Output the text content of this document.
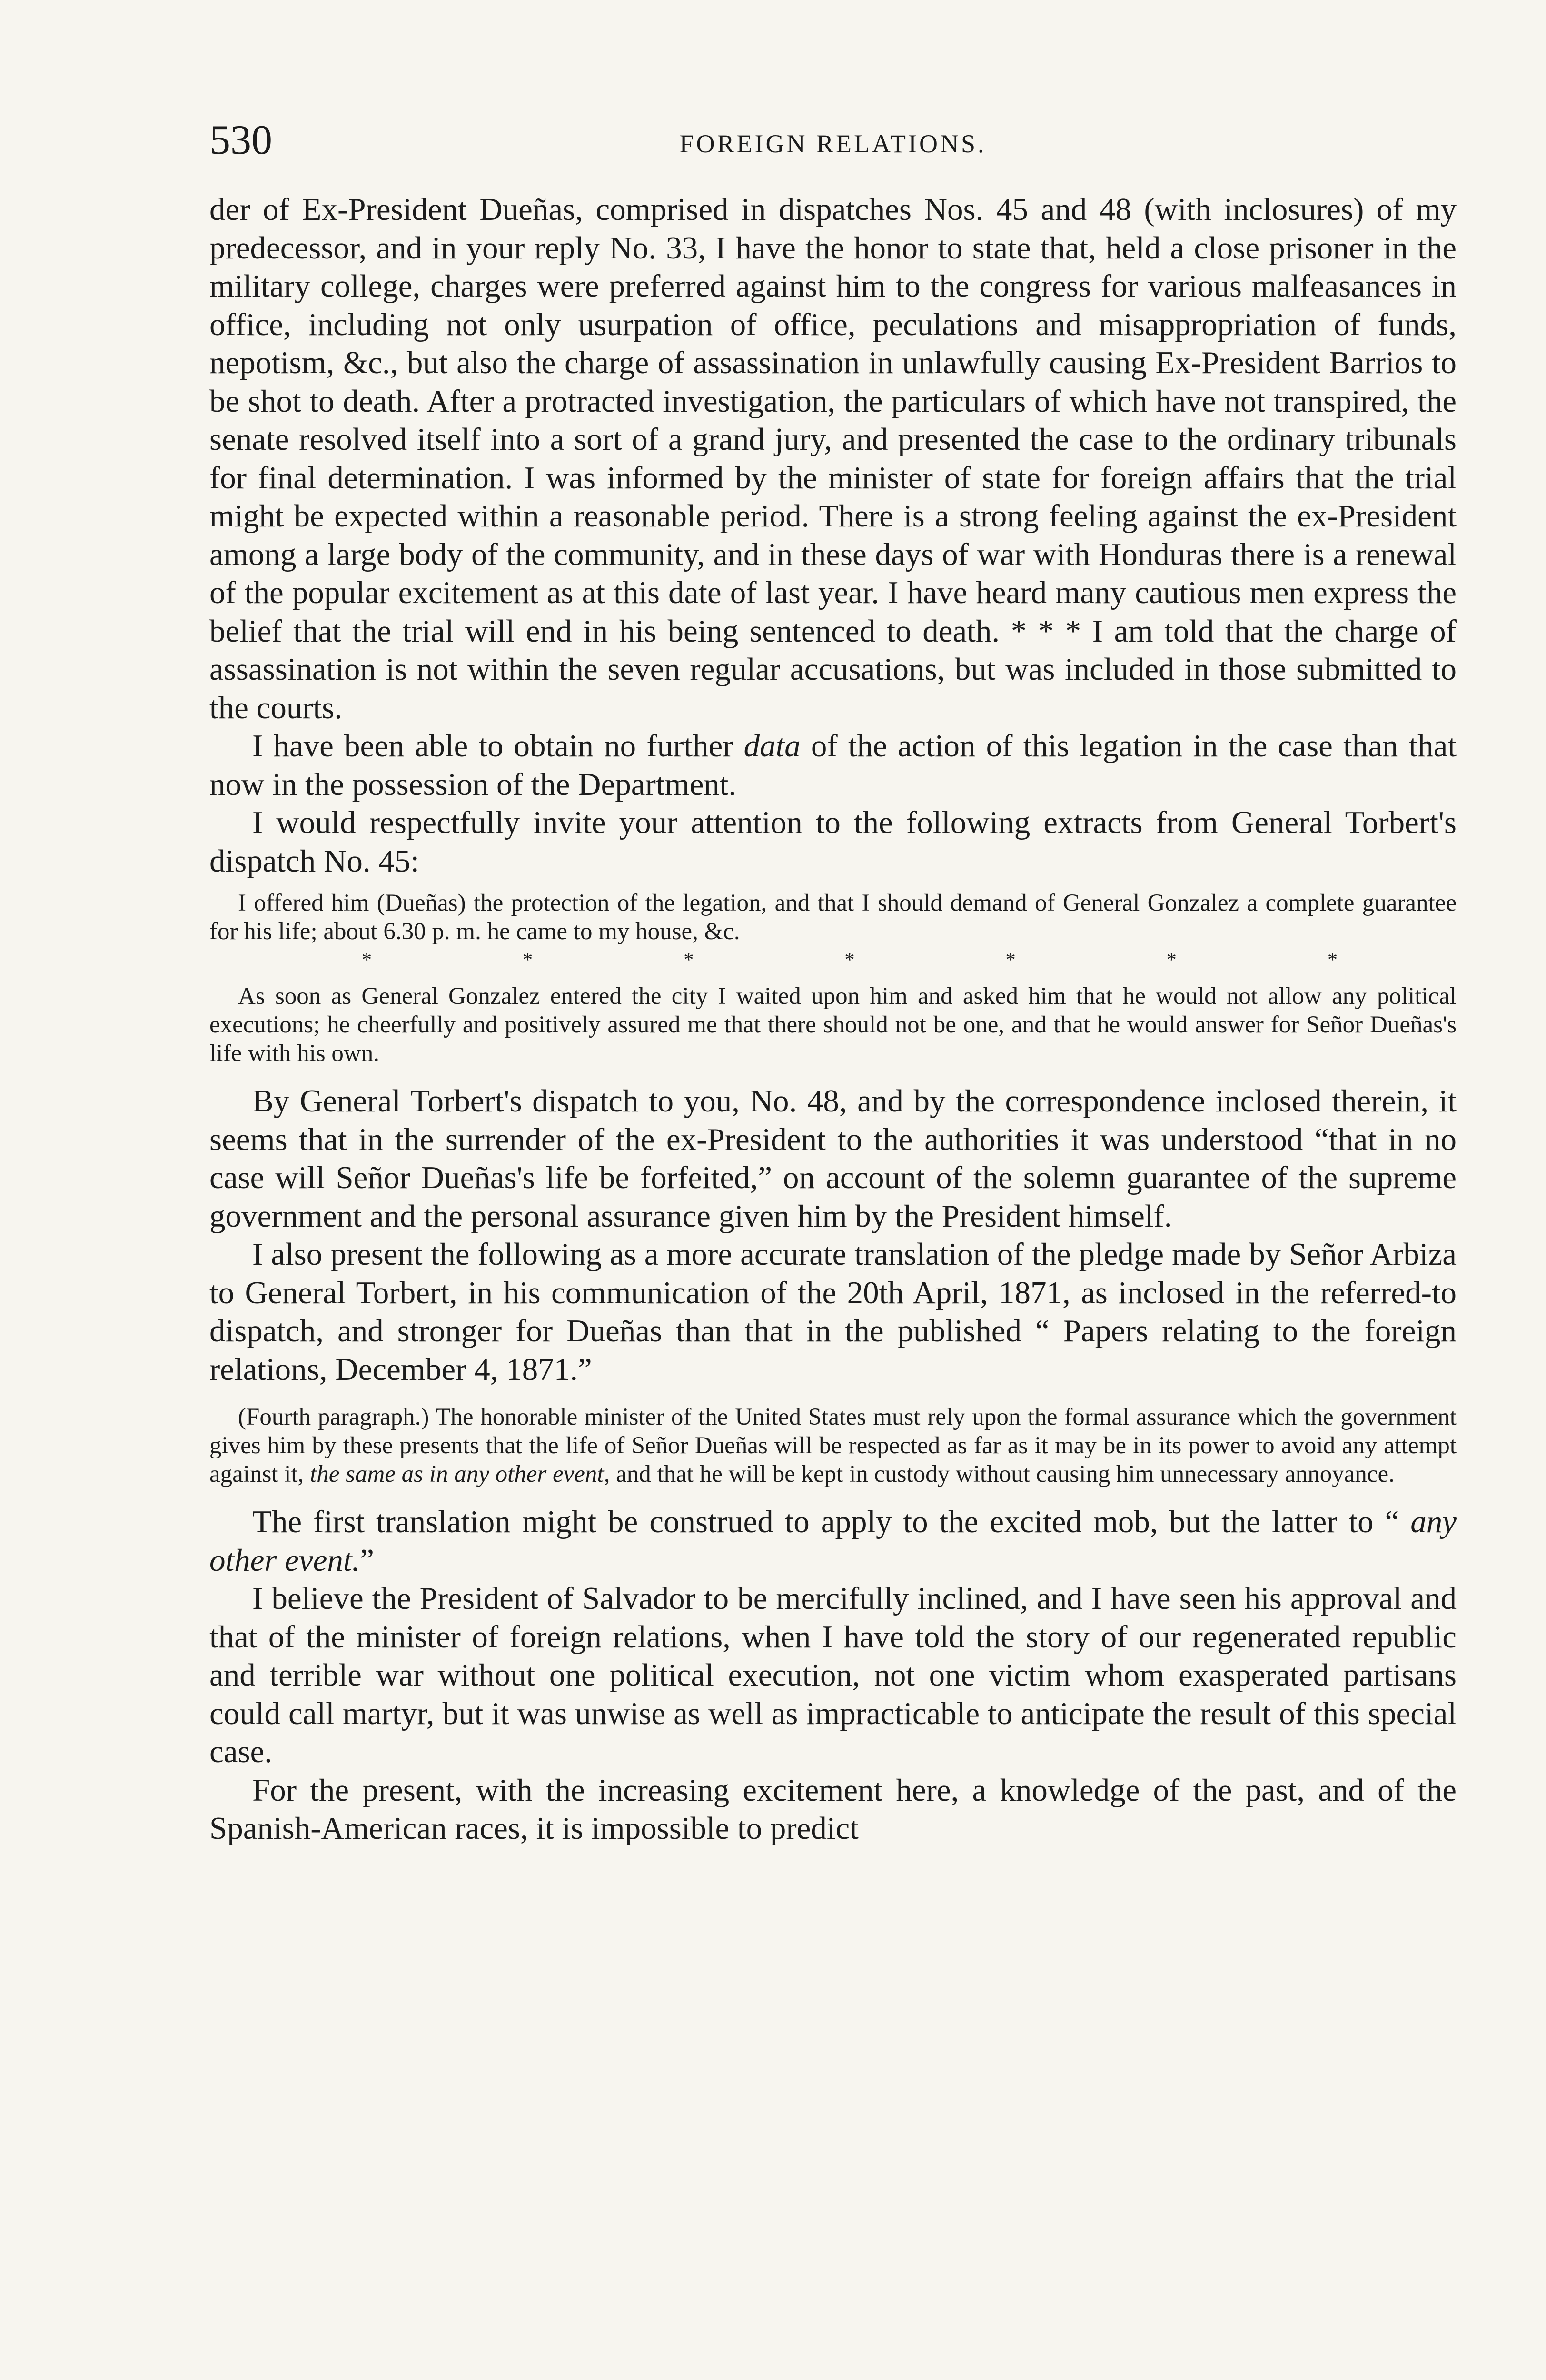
530	FOREIGN RELATIONS.

der of Ex-President Dueñas, comprised in dispatches Nos. 45 and 48 (with inclosures) of my predecessor, and in your reply No. 33, I have the honor to state that, held a close prisoner in the military college, charges were preferred against him to the congress for various malfeasances in office, including not only usurpation of office, peculations and misappropriation of funds, nepotism, &c., but also the charge of assassination in unlawfully causing Ex-President Barrios to be shot to death. After a protracted investigation, the particulars of which have not transpired, the senate resolved itself into a sort of a grand jury, and presented the case to the ordinary tribunals for final determination. I was informed by the minister of state for foreign affairs that the trial might be expected within a reasonable period. There is a strong feeling against the ex-President among a large body of the community, and in these days of war with Honduras there is a renewal of the popular excitement as at this date of last year. I have heard many cautious men express the belief that the trial will end in his being sentenced to death. * * * I am told that the charge of assassination is not within the seven regular accusations, but was included in those submitted to the courts.

I have been able to obtain no further data of the action of this legation in the case than that now in the possession of the Department.

I would respectfully invite your attention to the following extracts from General Torbert's dispatch No. 45:

I offered him (Dueñas) the protection of the legation, and that I should demand of General Gonzalez a complete guarantee for his life; about 6.30 p. m. he came to my house, &c.

*	*	*	*	*	*	*

As soon as General Gonzalez entered the city I waited upon him and asked him that he would not allow any political executions; he cheerfully and positively assured me that there should not be one, and that he would answer for Señor Dueñas's life with his own.

By General Torbert's dispatch to you, No. 48, and by the correspondence inclosed therein, it seems that in the surrender of the ex-President to the authorities it was understood “that in no case will Señor Dueñas's life be forfeited,” on account of the solemn guarantee of the supreme government and the personal assurance given him by the President himself.

I also present the following as a more accurate translation of the pledge made by Señor Arbiza to General Torbert, in his communication of the 20th April, 1871, as inclosed in the referred-to dispatch, and stronger for Dueñas than that in the published “ Papers relating to the foreign relations, December 4, 1871.”

(Fourth paragraph.) The honorable minister of the United States must rely upon the formal assurance which the government gives him by these presents that the life of Señor Dueñas will be respected as far as it may be in its power to avoid any attempt against it, the same as in any other event, and that he will be kept in custody without causing him unnecessary annoyance.

The first translation might be construed to apply to the excited mob, but the latter to “ any other event.”

I believe the President of Salvador to be mercifully inclined, and I have seen his approval and that of the minister of foreign relations, when I have told the story of our regenerated republic and terrible war without one political execution, not one victim whom exasperated partisans could call martyr, but it was unwise as well as impracticable to anticipate the result of this special case.

For the present, with the increasing excitement here, a knowledge of the past, and of the Spanish-American races, it is impossible to predict
